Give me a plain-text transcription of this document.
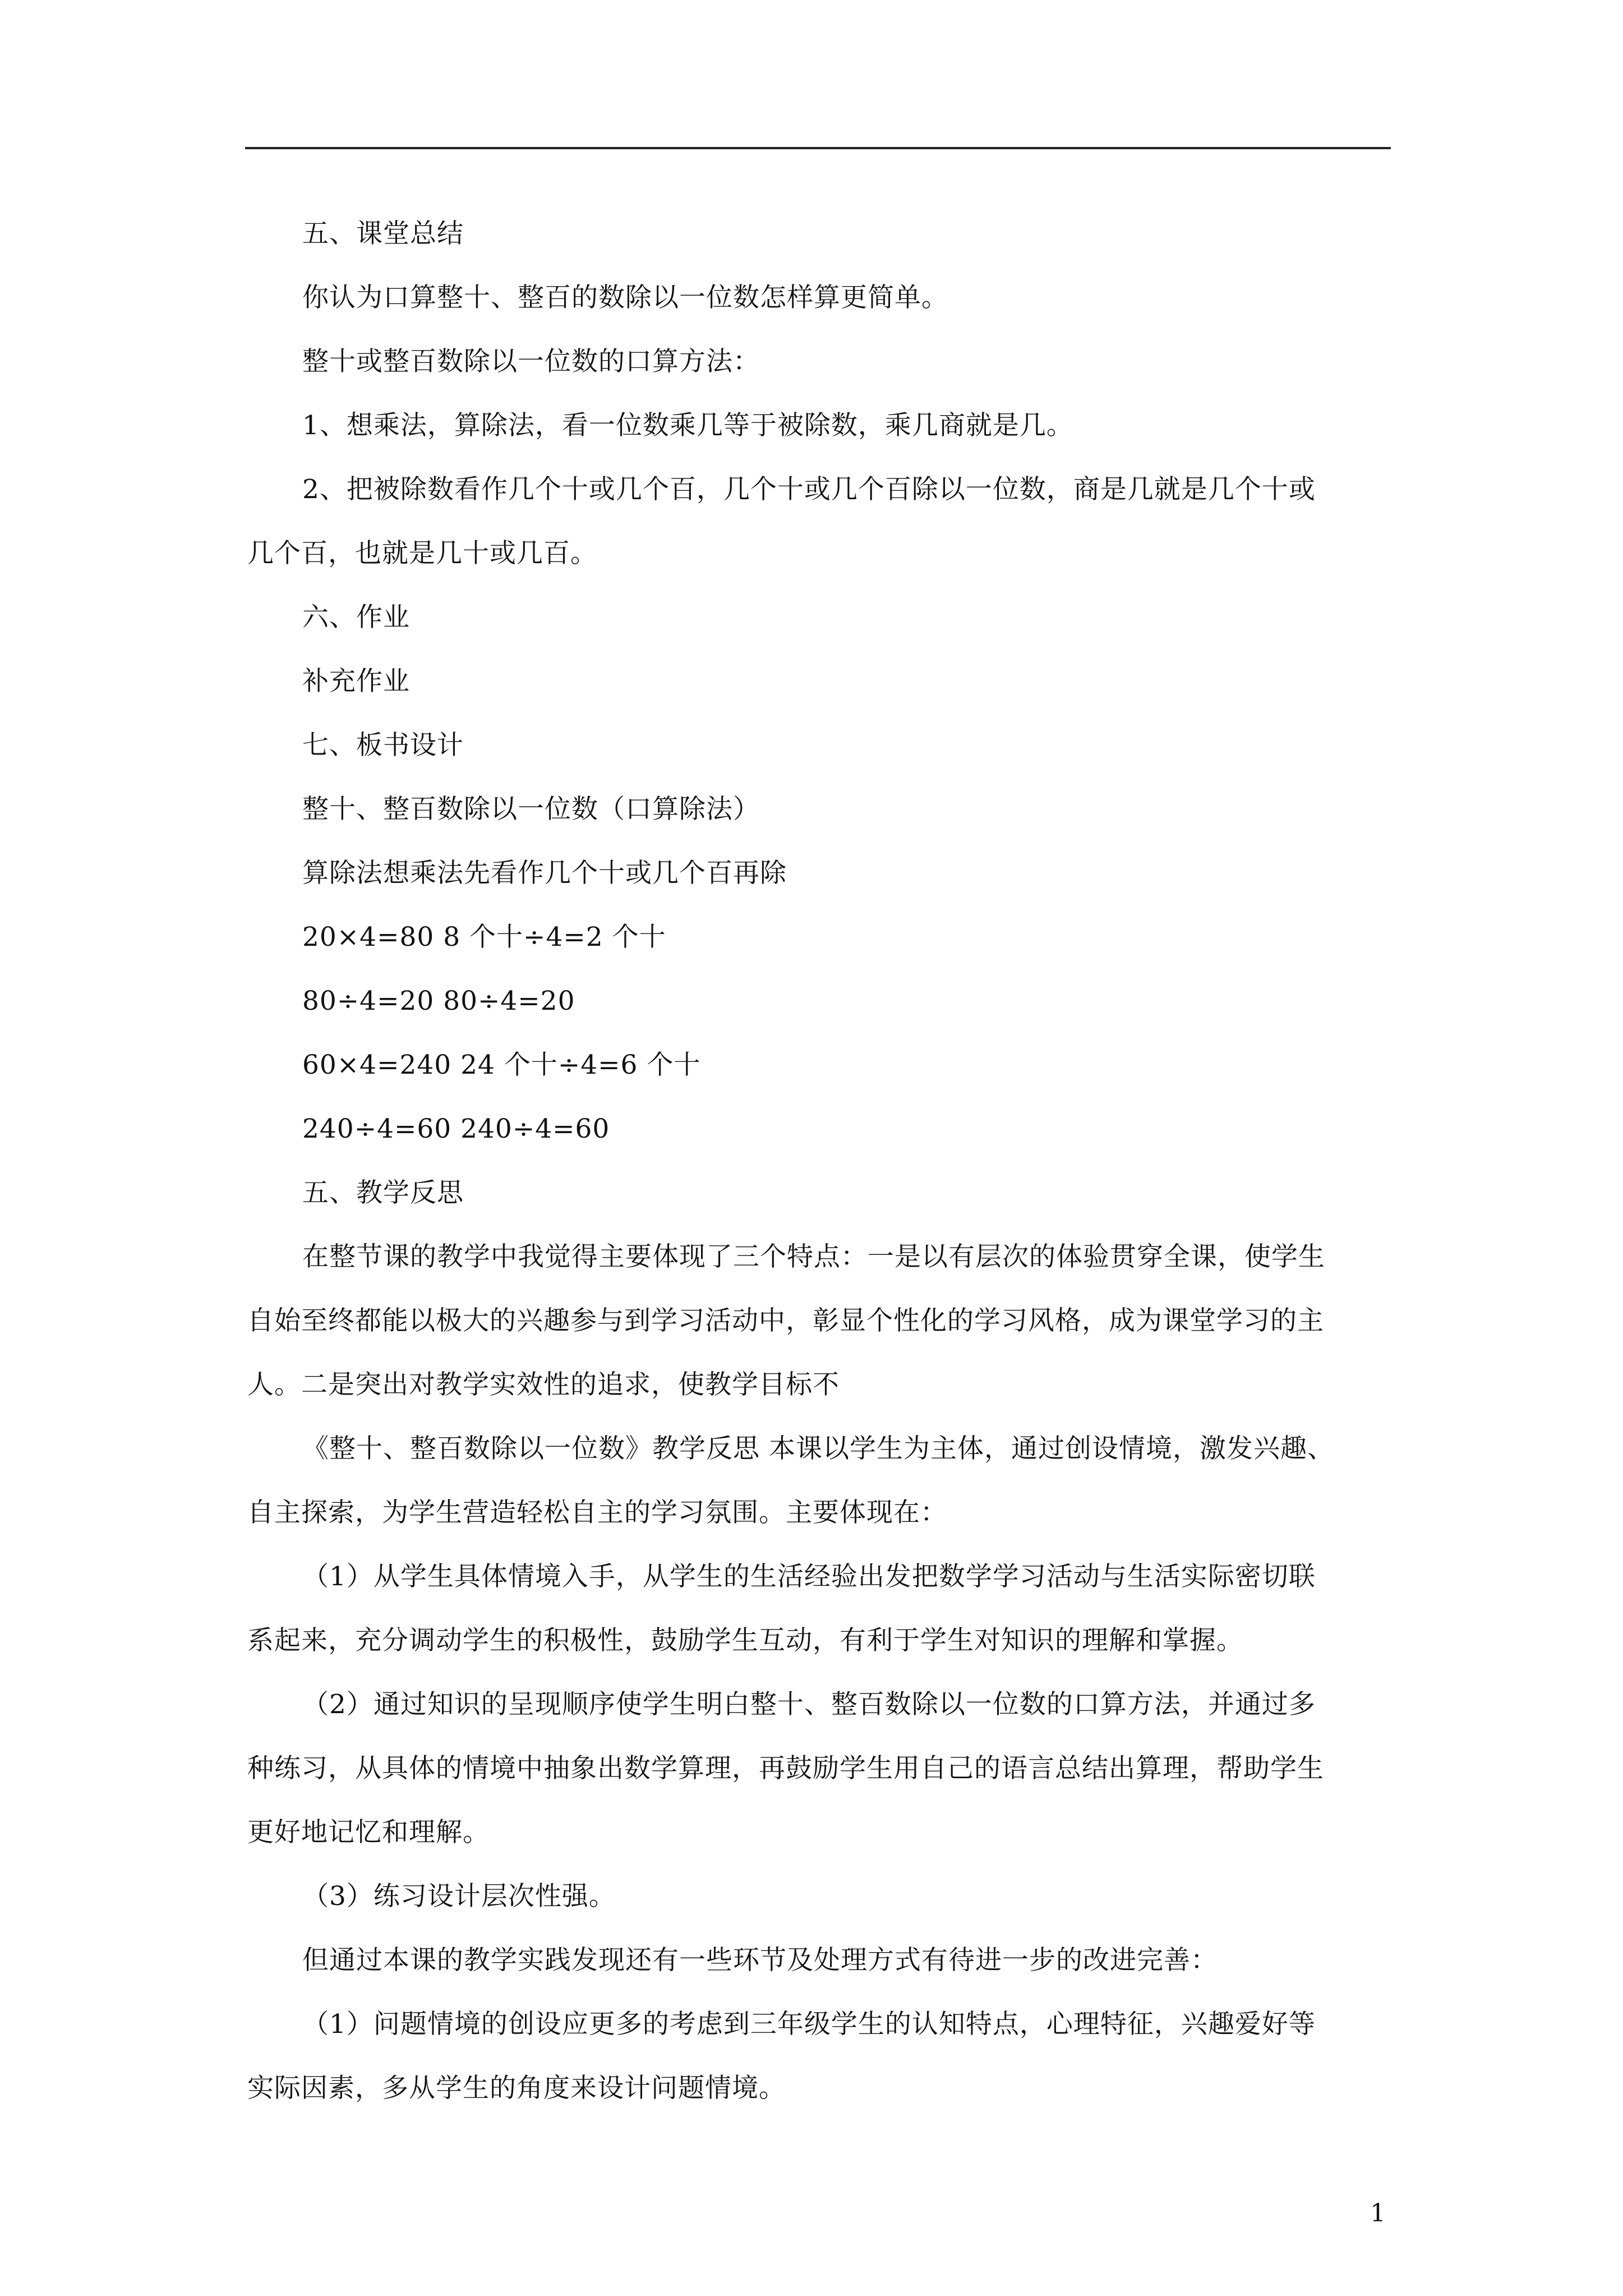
五、课堂总结
你认为口算整十、整百的数除以一位数怎样算更简单。
整十或整百数除以一位数的口算方法：
1、想乘法，算除法，看一位数乘几等于被除数，乘几商就是几。
2、把被除数看作几个十或几个百，几个十或几个百除以一位数，商是几就是几个十或
几个百，也就是几十或几百。
六、作业
补充作业
七、板书设计
整十、整百数除以一位数（口算除法）
算除法想乘法先看作几个十或几个百再除
20×4=80 8 个十÷4=2 个十
80÷4=20 80÷4=20
60×4=240 24 个十÷4=6 个十
240÷4=60 240÷4=60
五、教学反思
在整节课的教学中我觉得主要体现了三个特点：一是以有层次的体验贯穿全课，使学生
自始至终都能以极大的兴趣参与到学习活动中，彰显个性化的学习风格，成为课堂学习的主
人。二是突出对教学实效性的追求，使教学目标不
《整十、整百数除以一位数》教学反思 本课以学生为主体，通过创设情境，激发兴趣、
自主探索，为学生营造轻松自主的学习氛围。主要体现在：
（1）从学生具体情境入手，从学生的生活经验出发把数学学习活动与生活实际密切联
系起来，充分调动学生的积极性，鼓励学生互动，有利于学生对知识的理解和掌握。
（2）通过知识的呈现顺序使学生明白整十、整百数除以一位数的口算方法，并通过多
种练习，从具体的情境中抽象出数学算理，再鼓励学生用自己的语言总结出算理，帮助学生
更好地记忆和理解。
（3）练习设计层次性强。
但通过本课的教学实践发现还有一些环节及处理方式有待进一步的改进完善：
（1）问题情境的创设应更多的考虑到三年级学生的认知特点，心理特征，兴趣爱好等
实际因素，多从学生的角度来设计问题情境。
1
